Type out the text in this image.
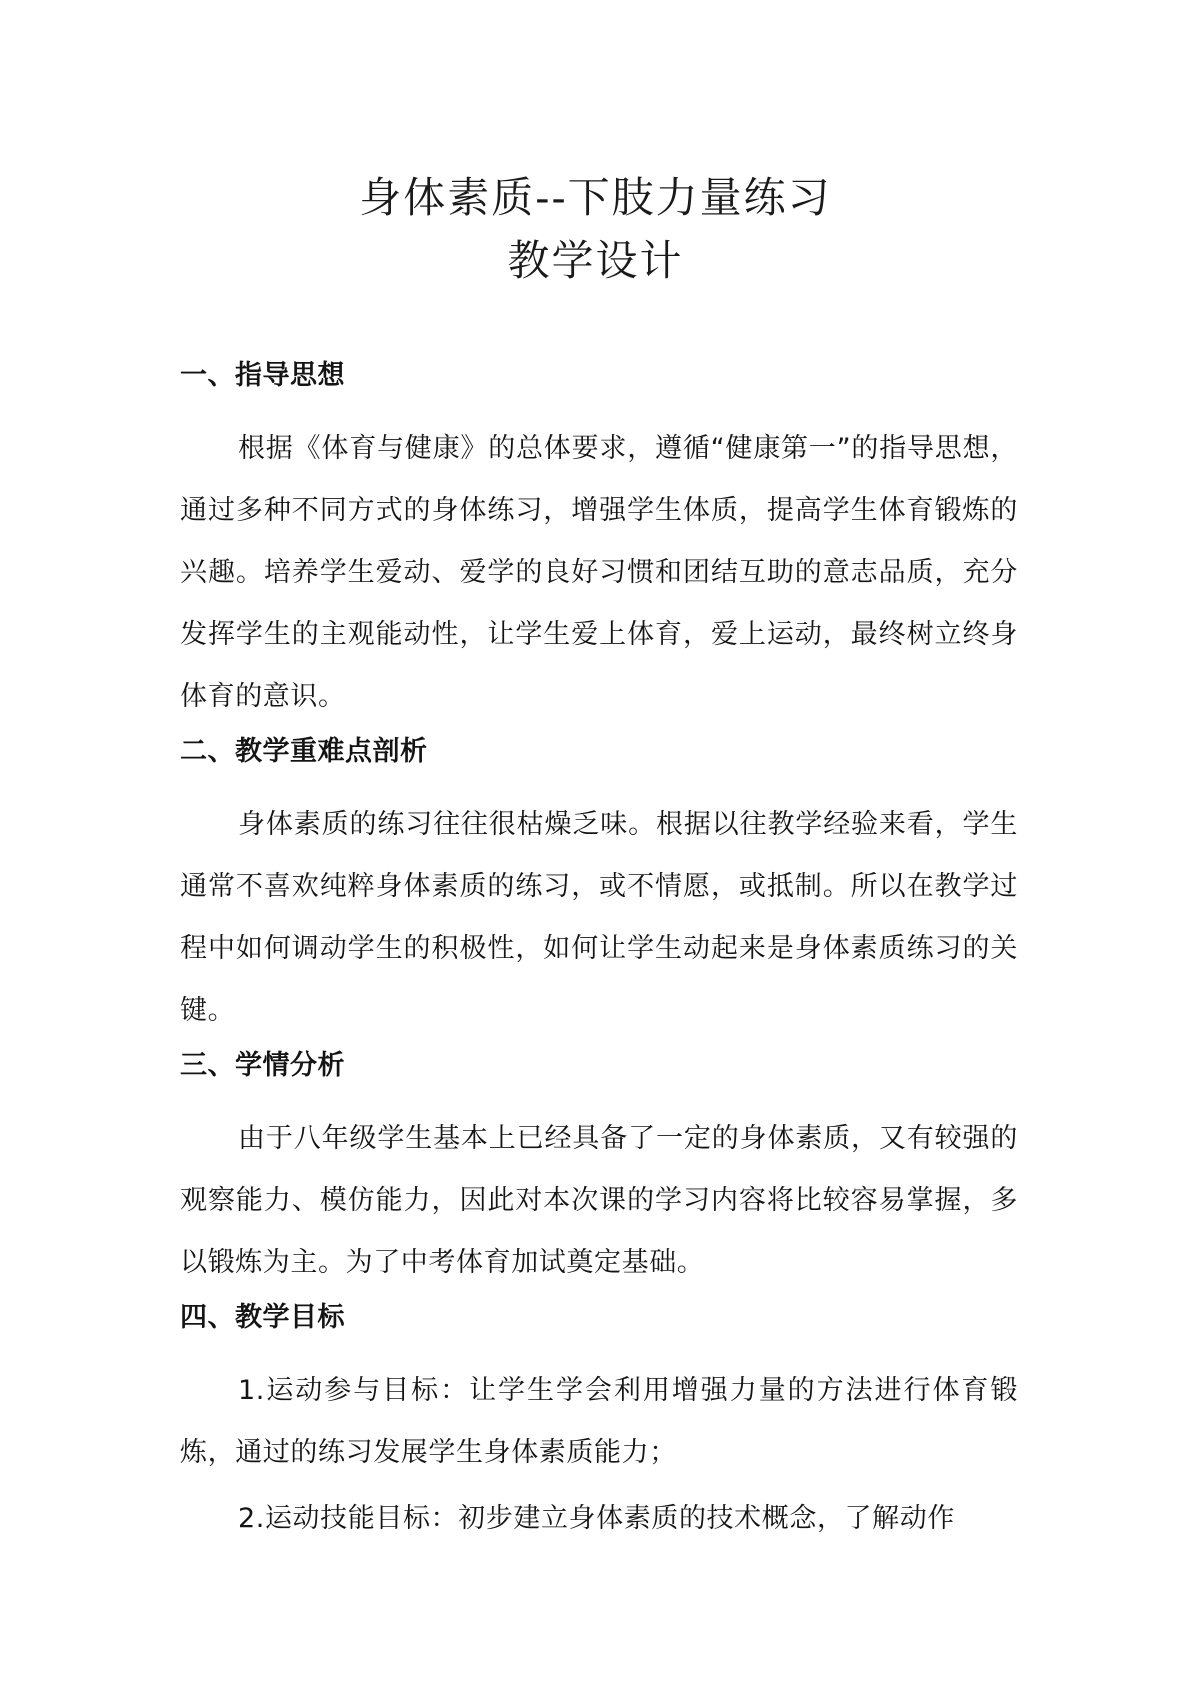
身体素质--下肢力量练习
教学设计
一、指导思想

根据《体育与健康》的总体要求，遵循“健康第一”的指导思想，通过多种不同方式的身体练习，增强学生体质，提高学生体育锻炼的兴趣。培养学生爱动、爱学的良好习惯和团结互助的意志品质，充分发挥学生的主观能动性，让学生爱上体育，爱上运动，最终树立终身体育的意识。

二、教学重难点剖析

身体素质的练习往往很枯燥乏味。根据以往教学经验来看，学生通常不喜欢纯粹身体素质的练习，或不情愿，或抵制。所以在教学过程中如何调动学生的积极性，如何让学生动起来是身体素质练习的关键。

三、学情分析

由于八年级学生基本上已经具备了一定的身体素质，又有较强的观察能力、模仿能力，因此对本次课的学习内容将比较容易掌握，多以锻炼为主。为了中考体育加试奠定基础。

四、教学目标

1.运动参与目标：让学生学会利用增强力量的方法进行体育锻炼，通过的练习发展学生身体素质能力；

2.运动技能目标：初步建立身体素质的技术概念，了解动作
